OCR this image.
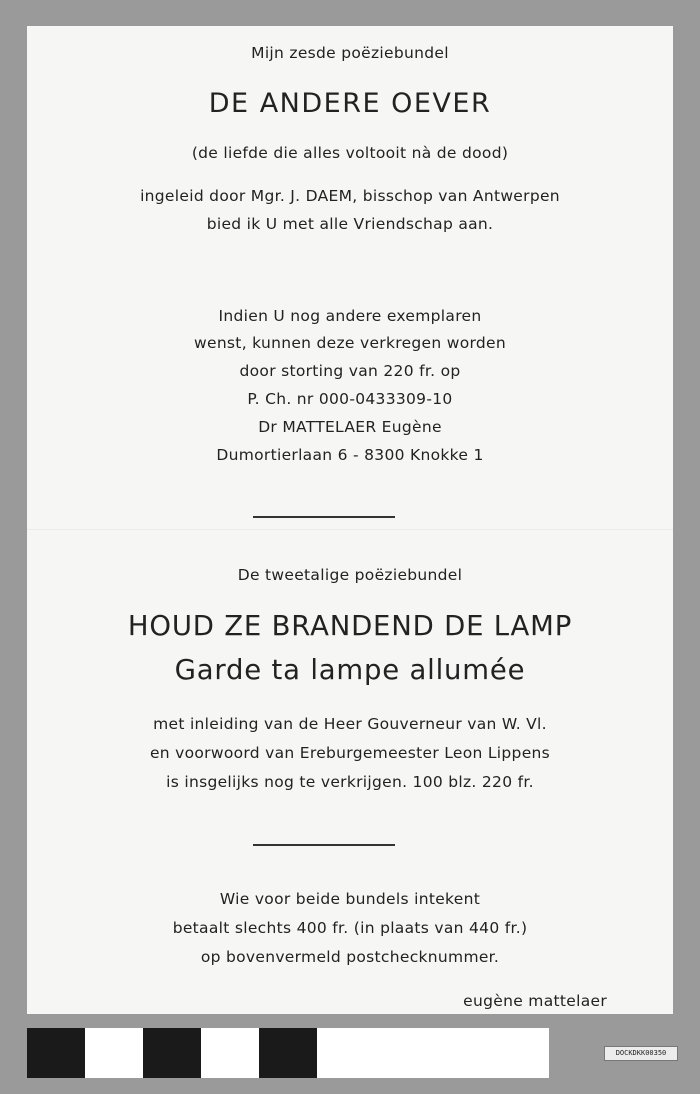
Mijn zesde poëziebundel
DE ANDERE OEVER
(de liefde die alles voltooit nà de dood)
ingeleid door Mgr. J. DAEM, bisschop van Antwerpen
bied ik U met alle Vriendschap aan.
Indien U nog andere exemplaren
wenst, kunnen deze verkregen worden
door storting van 220 fr. op
P. Ch. nr 000-0433309-10
Dr MATTELAER Eugène
Dumortierlaan 6 - 8300 Knokke 1
De tweetalige poëziebundel
HOUD ZE BRANDEND DE LAMP
Garde ta lampe allumée
met inleiding van de Heer Gouverneur van W. Vl.
en voorwoord van Ereburgemeester Leon Lippens
is insgelijks nog te verkrijgen. 100 blz. 220 fr.
Wie voor beide bundels intekent
betaalt slechts 400 fr. (in plaats van 440 fr.)
op bovenvermeld postchecknummer.
eugène mattelaer
DOCKDKK00350
